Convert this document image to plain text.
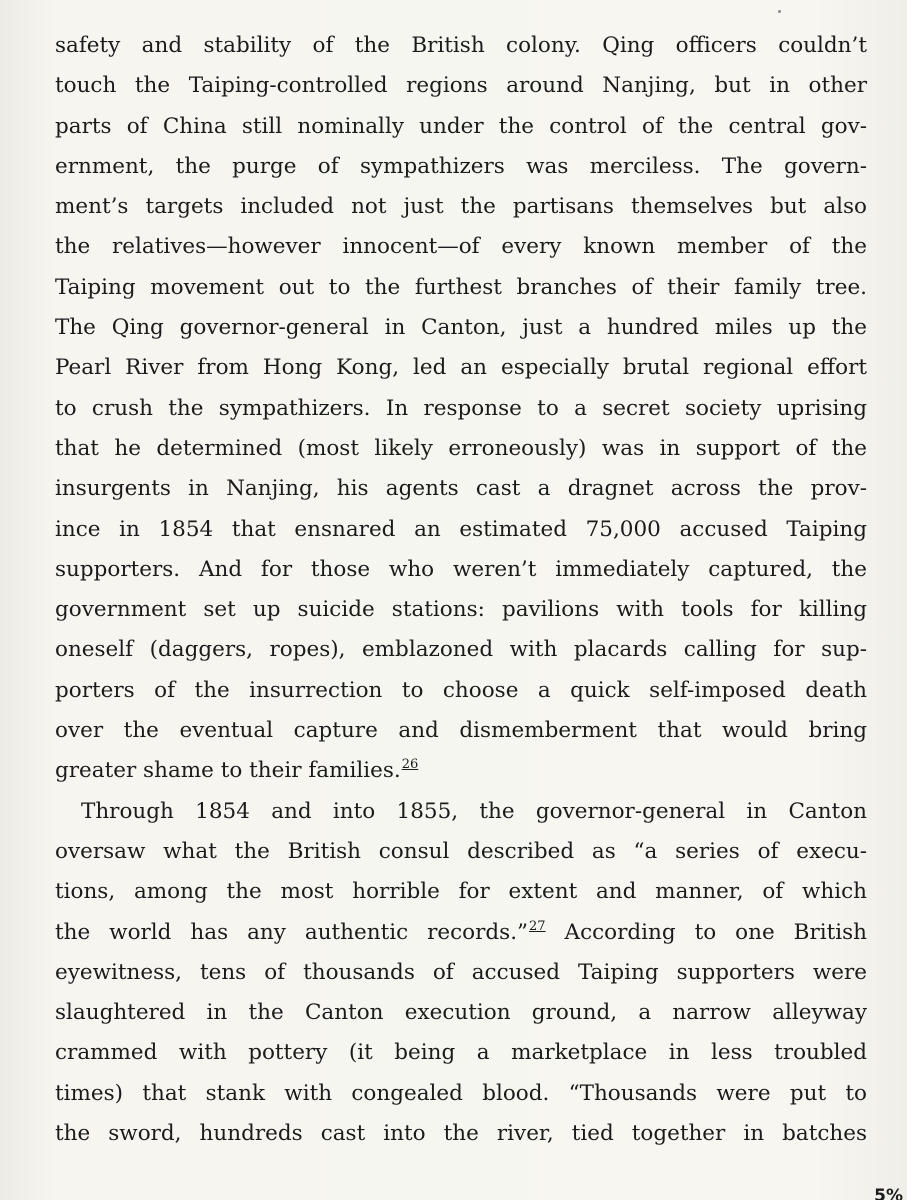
safety and stability of the British colony. Qing officers couldn’t
touch the Taiping-controlled regions around Nanjing, but in other
parts of China still nominally under the control of the central gov-
ernment, the purge of sympathizers was merciless. The govern-
ment’s targets included not just the partisans themselves but also
the relatives—however innocent—of every known member of the
Taiping movement out to the furthest branches of their family tree.
The Qing governor-general in Canton, just a hundred miles up the
Pearl River from Hong Kong, led an especially brutal regional effort
to crush the sympathizers. In response to a secret society uprising
that he determined (most likely erroneously) was in support of the
insurgents in Nanjing, his agents cast a dragnet across the prov-
ince in 1854 that ensnared an estimated 75,000 accused Taiping
supporters. And for those who weren’t immediately captured, the
government set up suicide stations: pavilions with tools for killing
oneself (daggers, ropes), emblazoned with placards calling for sup-
porters of the insurrection to choose a quick self-imposed death
over the eventual capture and dismemberment that would bring
greater shame to their families.$^{26}$
Through 1854 and into 1855, the governor-general in Canton
oversaw what the British consul described as “a series of execu-
tions, among the most horrible for extent and manner, of which
the world has any authentic records.”$^{27}$ According to one British
eyewitness, tens of thousands of accused Taiping supporters were
slaughtered in the Canton execution ground, a narrow alleyway
crammed with pottery (it being a marketplace in less troubled
times) that stank with congealed blood. “Thousands were put to
the sword, hundreds cast into the river, tied together in batches
5%
